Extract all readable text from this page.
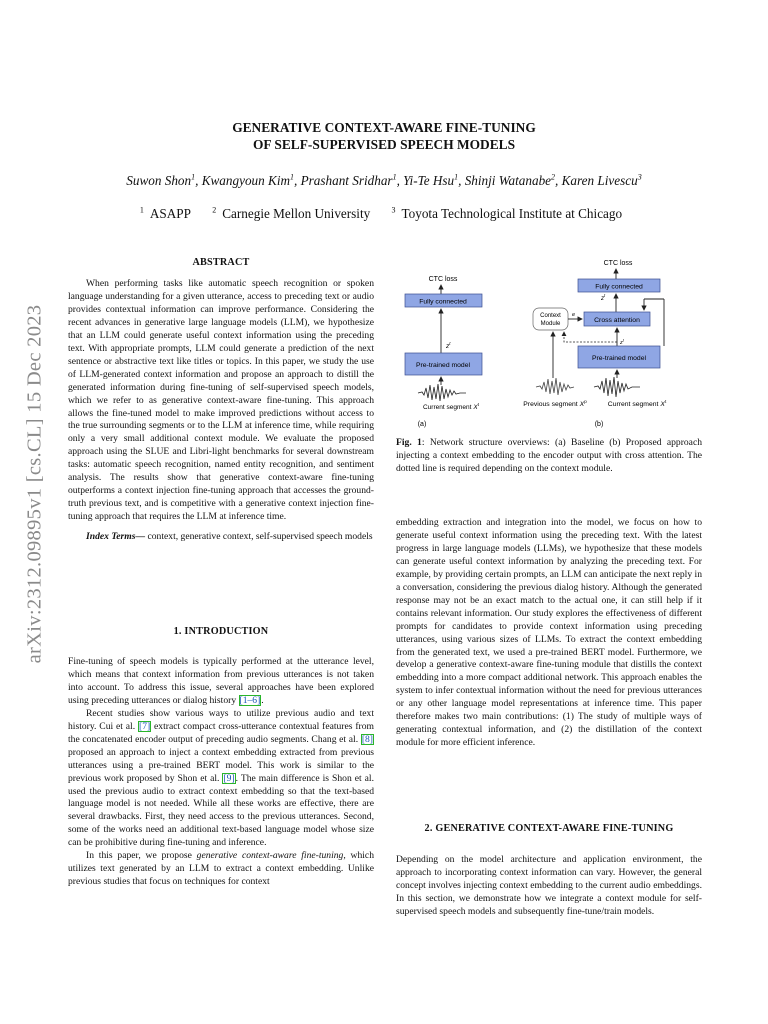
arXiv:2312.09895v1 [cs.CL] 15 Dec 2023
GENERATIVE CONTEXT-AWARE FINE-TUNING
OF SELF-SUPERVISED SPEECH MODELS
Suwon Shon$^1$, Kwangyoun Kim$^1$, Prashant Sridhar$^1$, Yi-Te Hsu$^1$, Shinji Watanabe$^2$, Karen Livescu$^3$
$^1$ ASAPP	$^2$ Carnegie Mellon University	$^3$ Toyota Technological Institute at Chicago
ABSTRACT

When performing tasks like automatic speech recognition or spoken language understanding for a given utterance, access to preceding text or audio provides contextual information can improve performance. Considering the recent advances in generative large language models (LLM), we hypothesize that an LLM could generate useful context information using the preceding text. With appropriate prompts, LLM could generate a prediction of the next sentence or abstractive text like titles or topics. In this paper, we study the use of LLM-generated context information and propose an approach to distill the generated information during fine-tuning of self-supervised speech models, which we refer to as generative context-aware fine-tuning. This approach allows the fine-tuned model to make improved predictions without access to the true surrounding segments or to the LLM at inference time, while requiring only a very small additional context module. We evaluate the proposed approach using the SLUE and Libri-light benchmarks for several downstream tasks: automatic speech recognition, named entity recognition, and sentiment analysis. The results show that generative context-aware fine-tuning outperforms a context injection fine-tuning approach that accesses the ground-truth previous text, and is competitive with a generative context injection fine-tuning approach that requires the LLM at inference time.

Index Terms— context, generative context, self-supervised speech models

1. INTRODUCTION

Fine-tuning of speech models is typically performed at the utterance level, which means that context information from previous utterances is not taken into account. To address this issue, several approaches have been explored using preceding utterances or dialog history [1–6].

Recent studies show various ways to utilize previous audio and text history. Cui et al. [7] extract compact cross-utterance contextual features from the concatenated encoder output of preceding audio segments. Chang et al. [8] proposed an approach to inject a context embedding extracted from previous utterances using a pre-trained BERT model. This work is similar to the previous work proposed by Shon et al. [9]. The main difference is Shon et al. used the previous audio to extract context embedding so that the text-based language model is not needed. While all these works are effective, there are several drawbacks. First, they need access to the previous utterances. Second, some of the works need an additional text-based language model whose size can be prohibitive during fine-tuning and inference.

In this paper, we propose generative context-aware fine-tuning, which utilizes text generated by an LLM to extract a context embedding. Unlike previous studies that focus on techniques for context

CTC loss
Fully connected
$z^t$
Pre-trained model
Current segment $X^t$
(a)
CTC loss
Fully connected
$z^t$
Context
Module
e
Cross attention
$z^t$
Pre-trained model
Previous segment $X^p$	Current segment $X^t$
(b)
Fig. 1: Network structure overviews: (a) Baseline (b) Proposed approach injecting a context embedding to the encoder output with cross attention. The dotted line is required depending on the context module.

embedding extraction and integration into the model, we focus on how to generate useful context information using the preceding text. With the latest progress in large language models (LLMs), we hypothesize that these models can generate useful context information by analyzing the preceding text. For example, by providing certain prompts, an LLM can anticipate the next reply in a conversation, considering the previous dialog history. Although the generated response may not be an exact match to the actual one, it can still help if it contains relevant information. Our study explores the effectiveness of different prompts for candidates to provide context information using preceding utterances, using various sizes of LLMs. To extract the context embedding from the generated text, we used a pre-trained BERT model. Furthermore, we develop a generative context-aware fine-tuning module that distills the context embedding into a more compact additional network. This approach enables the system to infer contextual information without the need for previous utterances or any other language model representations at inference time. This paper therefore makes two main contributions: (1) The study of multiple ways of generating contextual information, and (2) the distillation of the context module for more efficient inference.

2. GENERATIVE CONTEXT-AWARE FINE-TUNING

Depending on the model architecture and application environment, the approach to incorporating context information can vary. However, the general concept involves injecting context embedding to the current audio embeddings. In this section, we demonstrate how we integrate a context module for self-supervised speech models and subsequently fine-tune/train models.
